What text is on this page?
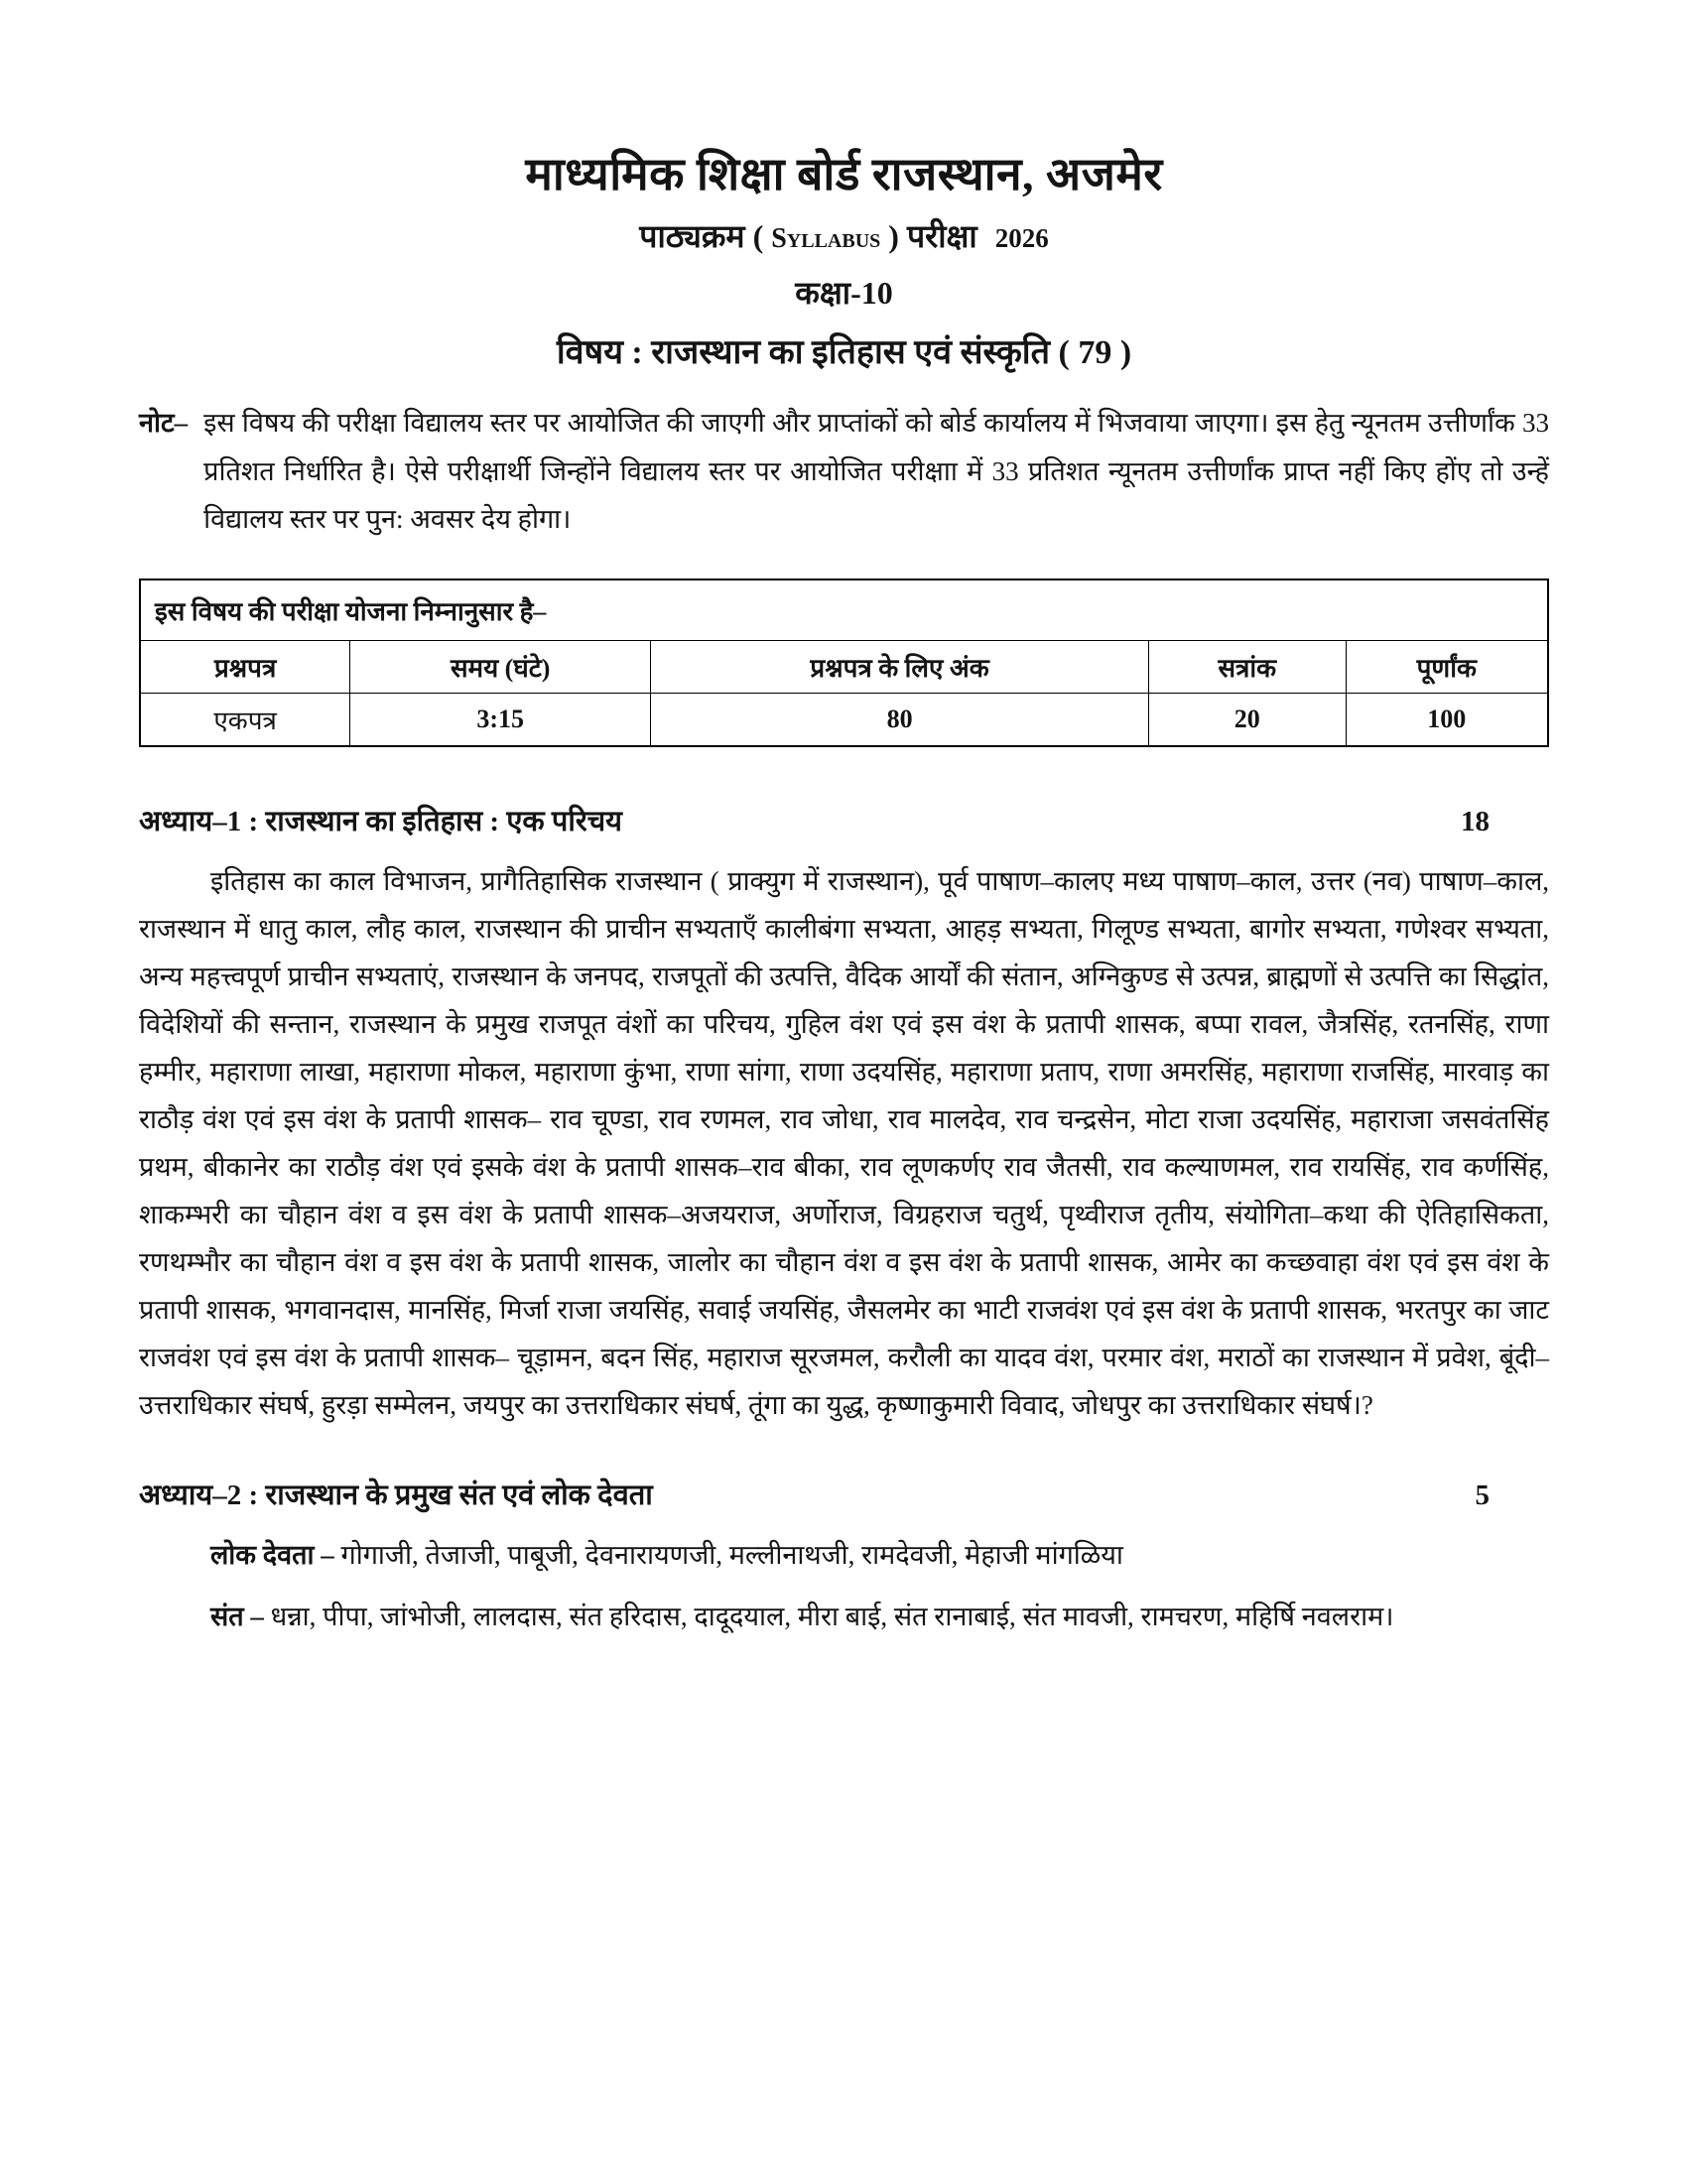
माध्यमिक शिक्षा बोर्ड राजस्थान, अजमेर
पाठ्यक्रम ( Syllabus ) परीक्षा 2026
कक्षा-10
विषय : राजस्थान का इतिहास एवं संस्कृति ( 79 )
नोट– इस विषय की परीक्षा विद्यालय स्तर पर आयोजित की जाएगी और प्राप्तांकों को बोर्ड कार्यालय में भिजवाया जाएगा। इस हेतु न्यूनतम उत्तीर्णांक 33 प्रतिशत निर्धारित है। ऐसे परीक्षार्थी जिन्होंने विद्यालय स्तर पर आयोजित परीक्षाा में 33 प्रतिशत न्यूनतम उत्तीर्णांक प्राप्त नहीं किए होंए तो उन्हें विद्यालय स्तर पर पुन: अवसर देय होगा।
इस विषय की परीक्षा योजना निम्नानुसार है–				
प्रश्नपत्र	समय (घंटे)	प्रश्नपत्र के लिए अंक	सत्रांक	पूर्णांक
एकपत्र	3:15	80	20	100
अध्याय–1 : राजस्थान का इतिहास : एक परिचय	18

इतिहास का काल विभाजन, प्रागैतिहासिक राजस्थान ( प्राक्युग में राजस्थान), पूर्व पाषाण–कालए मध्य पाषाण–काल, उत्तर (नव) पाषाण–काल, राजस्थान में धातु काल, लौह काल, राजस्थान की प्राचीन सभ्यताएँ कालीबंगा सभ्यता, आहड़ सभ्यता, गिलूण्ड सभ्यता, बागोर सभ्यता, गणेश्वर सभ्यता, अन्य महत्त्वपूर्ण प्राचीन सभ्यताएं, राजस्थान के जनपद, राजपूतों की उत्पत्ति, वैदिक आर्यों की संतान, अग्निकुण्ड से उत्पन्न, ब्राह्मणों से उत्पत्ति का सिद्धांत, विदेशियों की सन्तान, राजस्थान के प्रमुख राजपूत वंशों का परिचय, गुहिल वंश एवं इस वंश के प्रतापी शासक, बप्पा रावल, जैत्रसिंह, रतनसिंह, राणा हम्मीर, महाराणा लाखा, महाराणा मोकल, महाराणा कुंभा, राणा सांगा, राणा उदयसिंह, महाराणा प्रताप, राणा अमरसिंह, महाराणा राजसिंह, मारवाड़ का राठौड़ वंश एवं इस वंश के प्रतापी शासक– राव चूण्डा, राव रणमल, राव जोधा, राव मालदेव, राव चन्द्रसेन, मोटा राजा उदयसिंह, महाराजा जसवंतसिंह प्रथम, बीकानेर का राठौड़ वंश एवं इसके वंश के प्रतापी शासक–राव बीका, राव लूणकर्णए राव जैतसी, राव कल्याणमल, राव रायसिंह, राव कर्णसिंह, शाकम्भरी का चौहान वंश व इस वंश के प्रतापी शासक–अजयराज, अर्णोराज, विग्रहराज चतुर्थ, पृथ्वीराज तृतीय, संयोगिता–कथा की ऐतिहासिकता, रणथम्भौर का चौहान वंश व इस वंश के प्रतापी शासक, जालोर का चौहान वंश व इस वंश के प्रतापी शासक, आमेर का कच्छवाहा वंश एवं इस वंश के प्रतापी शासक, भगवानदास, मानसिंह, मिर्जा राजा जयसिंह, सवाई जयसिंह, जैसलमेर का भाटी राजवंश एवं इस वंश के प्रतापी शासक, भरतपुर का जाट राजवंश एवं इस वंश के प्रतापी शासक– चूड़ामन, बदन सिंह, महाराज सूरजमल, करौली का यादव वंश, परमार वंश, मराठों का राजस्थान में प्रवेश, बूंदी–उत्तराधिकार संघर्ष, हुरड़ा सम्मेलन, जयपुर का उत्तराधिकार संघर्ष, तूंगा का युद्ध, कृष्णाकुमारी विवाद, जोधपुर का उत्तराधिकार संघर्ष।?

अध्याय–2 : राजस्थान के प्रमुख संत एवं लोक देवता	5

लोक देवता – गोगाजी, तेजाजी, पाबूजी, देवनारायणजी, मल्लीनाथजी, रामदेवजी, मेहाजी मांगळिया

संत – धन्ना, पीपा, जांभोजी, लालदास, संत हरिदास, दादूदयाल, मीरा बाई, संत रानाबाई, संत मावजी, रामचरण, महिर्षि नवलराम।
